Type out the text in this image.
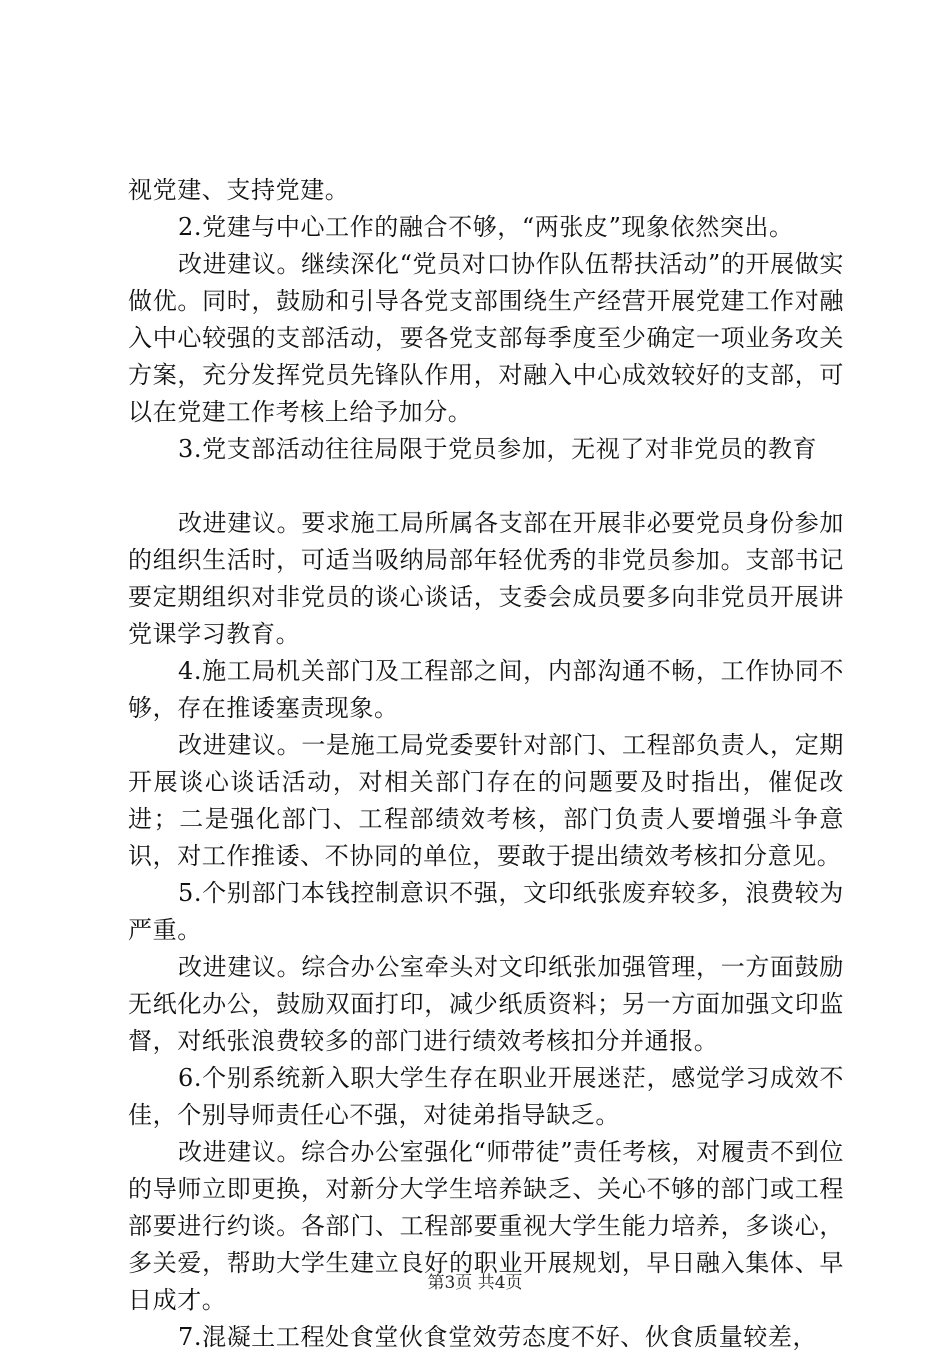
视党建、支持党建。

2.党建与中心工作的融合不够，“两张皮”现象依然突出。

改进建议。继续深化“党员对口协作队伍帮扶活动”的开展做实做优。同时，鼓励和引导各党支部围绕生产经营开展党建工作对融入中心较强的支部活动，要各党支部每季度至少确定一项业务攻关方案，充分发挥党员先锋队作用，对融入中心成效较好的支部，可以在党建工作考核上给予加分。

3.党支部活动往往局限于党员参加，无视了对非党员的教育

改进建议。要求施工局所属各支部在开展非必要党员身份参加的组织生活时，可适当吸纳局部年轻优秀的非党员参加。支部书记要定期组织对非党员的谈心谈话，支委会成员要多向非党员开展讲党课学习教育。

4.施工局机关部门及工程部之间，内部沟通不畅，工作协同不够，存在推诿塞责现象。

改进建议。一是施工局党委要针对部门、工程部负责人，定期开展谈心谈话活动，对相关部门存在的问题要及时指出，催促改进；二是强化部门、工程部绩效考核，部门负责人要增强斗争意识，对工作推诿、不协同的单位，要敢于提出绩效考核扣分意见。

5.个别部门本钱控制意识不强，文印纸张废弃较多，浪费较为严重。

改进建议。综合办公室牵头对文印纸张加强管理，一方面鼓励无纸化办公，鼓励双面打印，减少纸质资料；另一方面加强文印监督，对纸张浪费较多的部门进行绩效考核扣分并通报。

6.个别系统新入职大学生存在职业开展迷茫，感觉学习成效不佳，个别导师责任心不强，对徒弟指导缺乏。

改进建议。综合办公室强化“师带徒”责任考核，对履责不到位的导师立即更换，对新分大学生培养缺乏、关心不够的部门或工程部要进行约谈。各部门、工程部要重视大学生能力培养，多谈心，多关爱，帮助大学生建立良好的职业开展规划，早日融入集体、早日成才。

7.混凝土工程处食堂伙食堂效劳态度不好、伙食质量较差，

第3页 共4页
